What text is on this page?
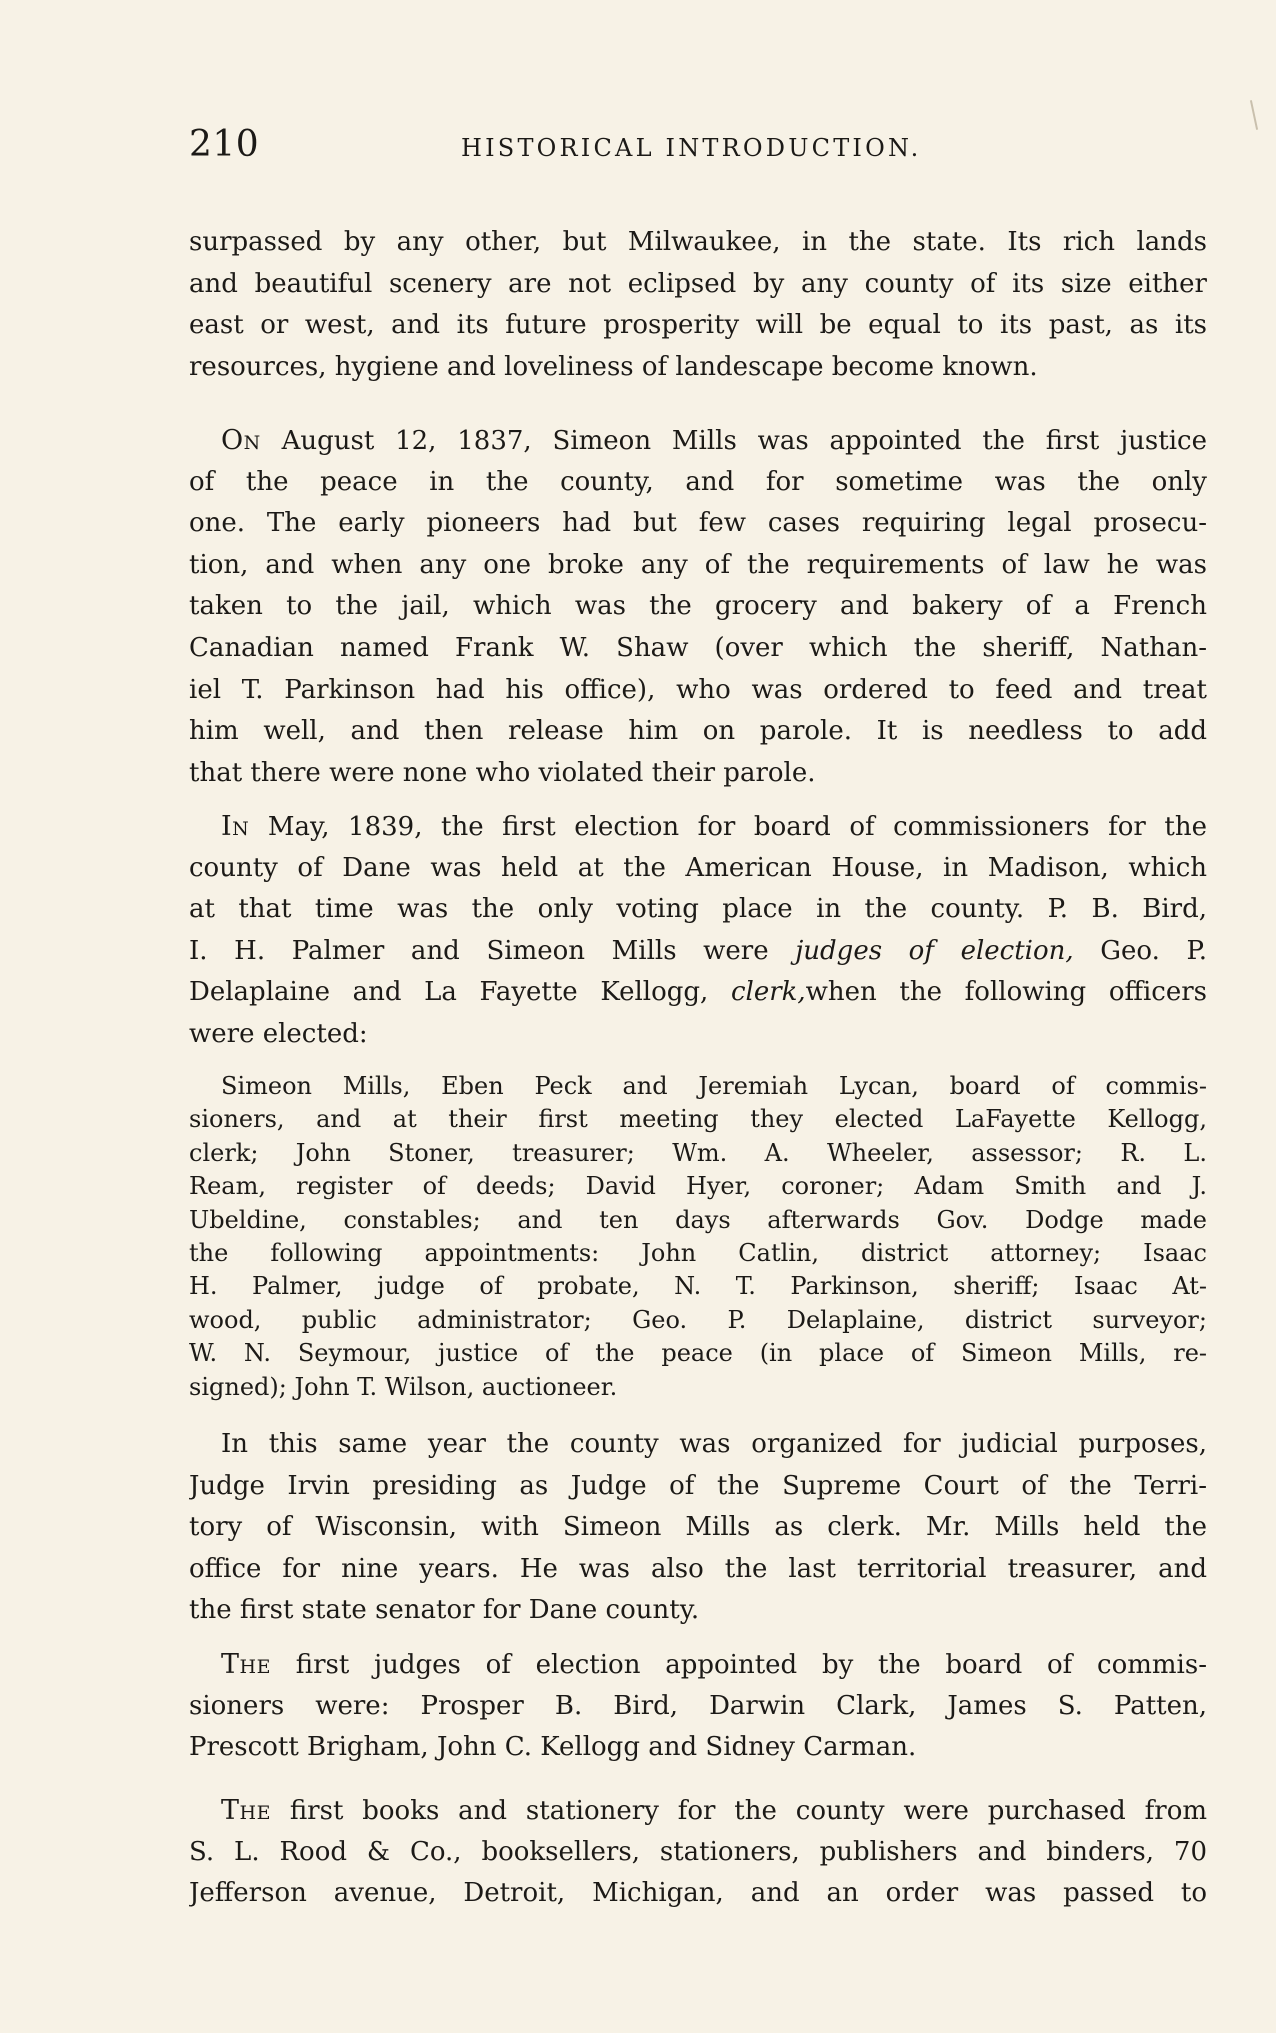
210	HISTORICAL INTRODUCTION.
surpassed by any other, but Milwaukee, in the state. Its rich lands
and beautiful scenery are not eclipsed by any county of its size either
east or west, and its future prosperity will be equal to its past, as its
resources, hygiene and loveliness of landescape become known.
ON August 12, 1837, Simeon Mills was appointed the first justice
of the peace in the county, and for sometime was the only
one. The early pioneers had but few cases requiring legal prosecu-
tion, and when any one broke any of the requirements of law he was
taken to the jail, which was the grocery and bakery of a French
Canadian named Frank W. Shaw (over which the sheriff, Nathan-
iel T. Parkinson had his office), who was ordered to feed and treat
him well, and then release him on parole. It is needless to add
that there were none who violated their parole.
IN May, 1839, the first election for board of commissioners for the
county of Dane was held at the American House, in Madison, which
at that time was the only voting place in the county. P. B. Bird,
I. H. Palmer and Simeon Mills were judges of election, Geo. P.
Delaplaine and La Fayette Kellogg, clerk,when the following officers
were elected:
Simeon Mills, Eben Peck and Jeremiah Lycan, board of commis-
sioners, and at their first meeting they elected LaFayette Kellogg,
clerk; John Stoner, treasurer; Wm. A. Wheeler, assessor; R. L.
Ream, register of deeds; David Hyer, coroner; Adam Smith and J.
Ubeldine, constables; and ten days afterwards Gov. Dodge made
the following appointments: John Catlin, district attorney; Isaac
H. Palmer, judge of probate, N. T. Parkinson, sheriff; Isaac At-
wood, public administrator; Geo. P. Delaplaine, district surveyor;
W. N. Seymour, justice of the peace (in place of Simeon Mills, re-
signed); John T. Wilson, auctioneer.
In this same year the county was organized for judicial purposes,
Judge Irvin presiding as Judge of the Supreme Court of the Terri-
tory of Wisconsin, with Simeon Mills as clerk. Mr. Mills held the
office for nine years. He was also the last territorial treasurer, and
the first state senator for Dane county.
THE first judges of election appointed by the board of commis-
sioners were: Prosper B. Bird, Darwin Clark, James S. Patten,
Prescott Brigham, John C. Kellogg and Sidney Carman.
THE first books and stationery for the county were purchased from
S. L. Rood & Co., booksellers, stationers, publishers and binders, 70
Jefferson avenue, Detroit, Michigan, and an order was passed to
